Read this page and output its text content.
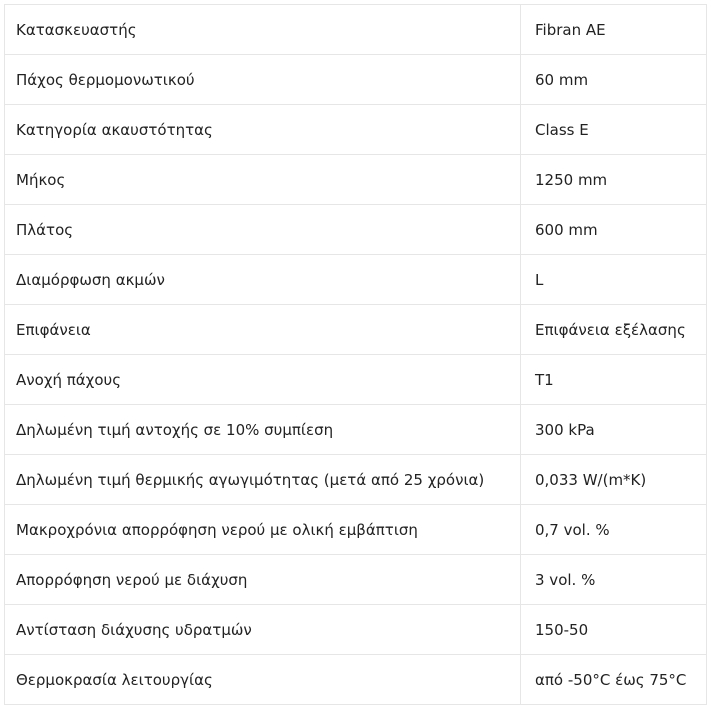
Κατασκευαστής	Fibran AE
Πάχος θερμομονωτικού	60 mm
Κατηγορία ακαυστότητας	Class E
Μήκος	1250 mm
Πλάτος	600 mm
Διαμόρφωση ακμών	L
Επιφάνεια	Επιφάνεια εξέλασης
Ανοχή πάχους	T1
Δηλωμένη τιμή αντοχής σε 10% συμπίεση	300 kPa
Δηλωμένη τιμή θερμικής αγωγιμότητας (μετά από 25 χρόνια)	0,033 W/(m*K)
Μακροχρόνια απορρόφηση νερού με ολική εμβάπτιση	0,7 vol. %
Απορρόφηση νερού με διάχυση	3 vol. %
Αντίσταση διάχυσης υδρατμών	150-50
Θερμοκρασία λειτουργίας	από -50°C έως 75°C
